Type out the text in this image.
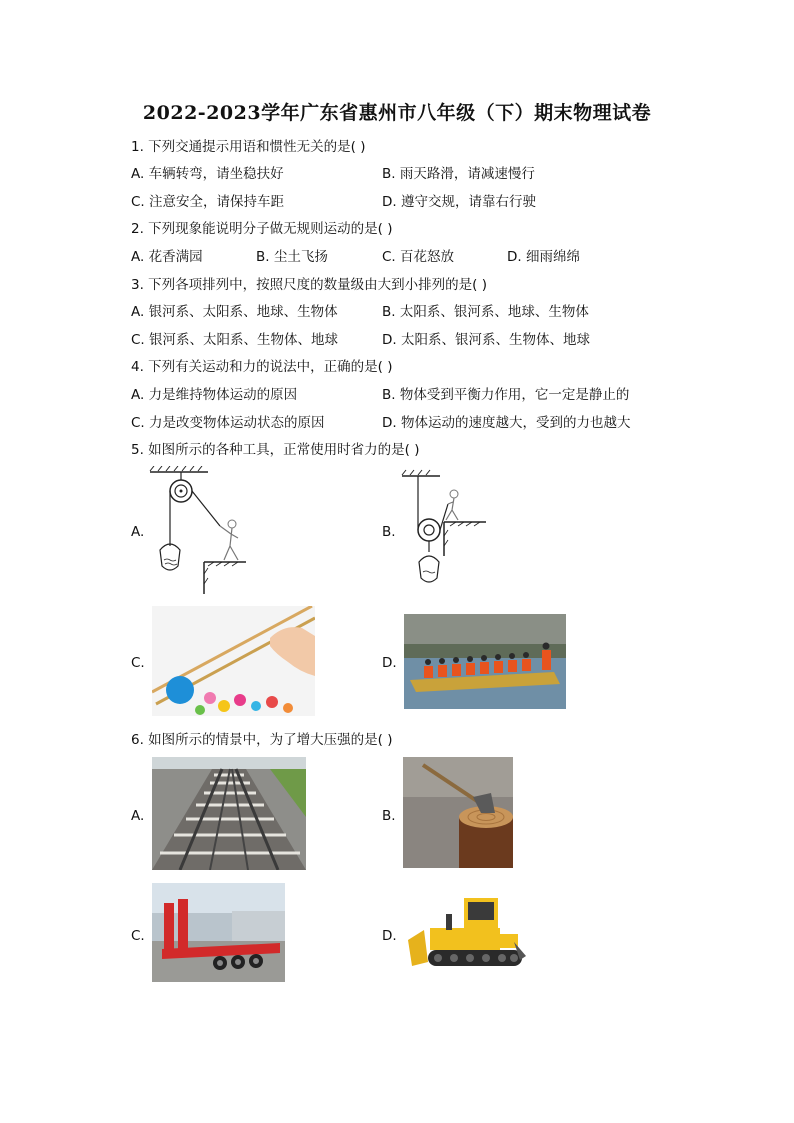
2022-2023学年广东省惠州市八年级（下）期末物理试卷
1. 下列交通提示用语和惯性无关的是( )
A. 车辆转弯，请坐稳扶好	B. 雨天路滑，请减速慢行
C. 注意安全，请保持车距	D. 遵守交规，请靠右行驶
2. 下列现象能说明分子做无规则运动的是( )
A. 花香满园	B. 尘土飞扬	C. 百花怒放	D. 细雨绵绵
3. 下列各项排列中，按照尺度的数量级由大到小排列的是( )
A. 银河系、太阳系、地球、生物体	B. 太阳系、银河系、地球、生物体
C. 银河系、太阳系、生物体、地球	D. 太阳系、银河系、生物体、地球
4. 下列有关运动和力的说法中，正确的是( )
A. 力是维持物体运动的原因	B. 物体受到平衡力作用，它一定是静止的
C. 力是改变物体运动状态的原因	D. 物体运动的速度越大，受到的力也越大
5. 如图所示的各种工具，正常使用时省力的是( )
A.	B.
C.	D.
6. 如图所示的情景中，为了增大压强的是( )
A.	B.
C.	D.
